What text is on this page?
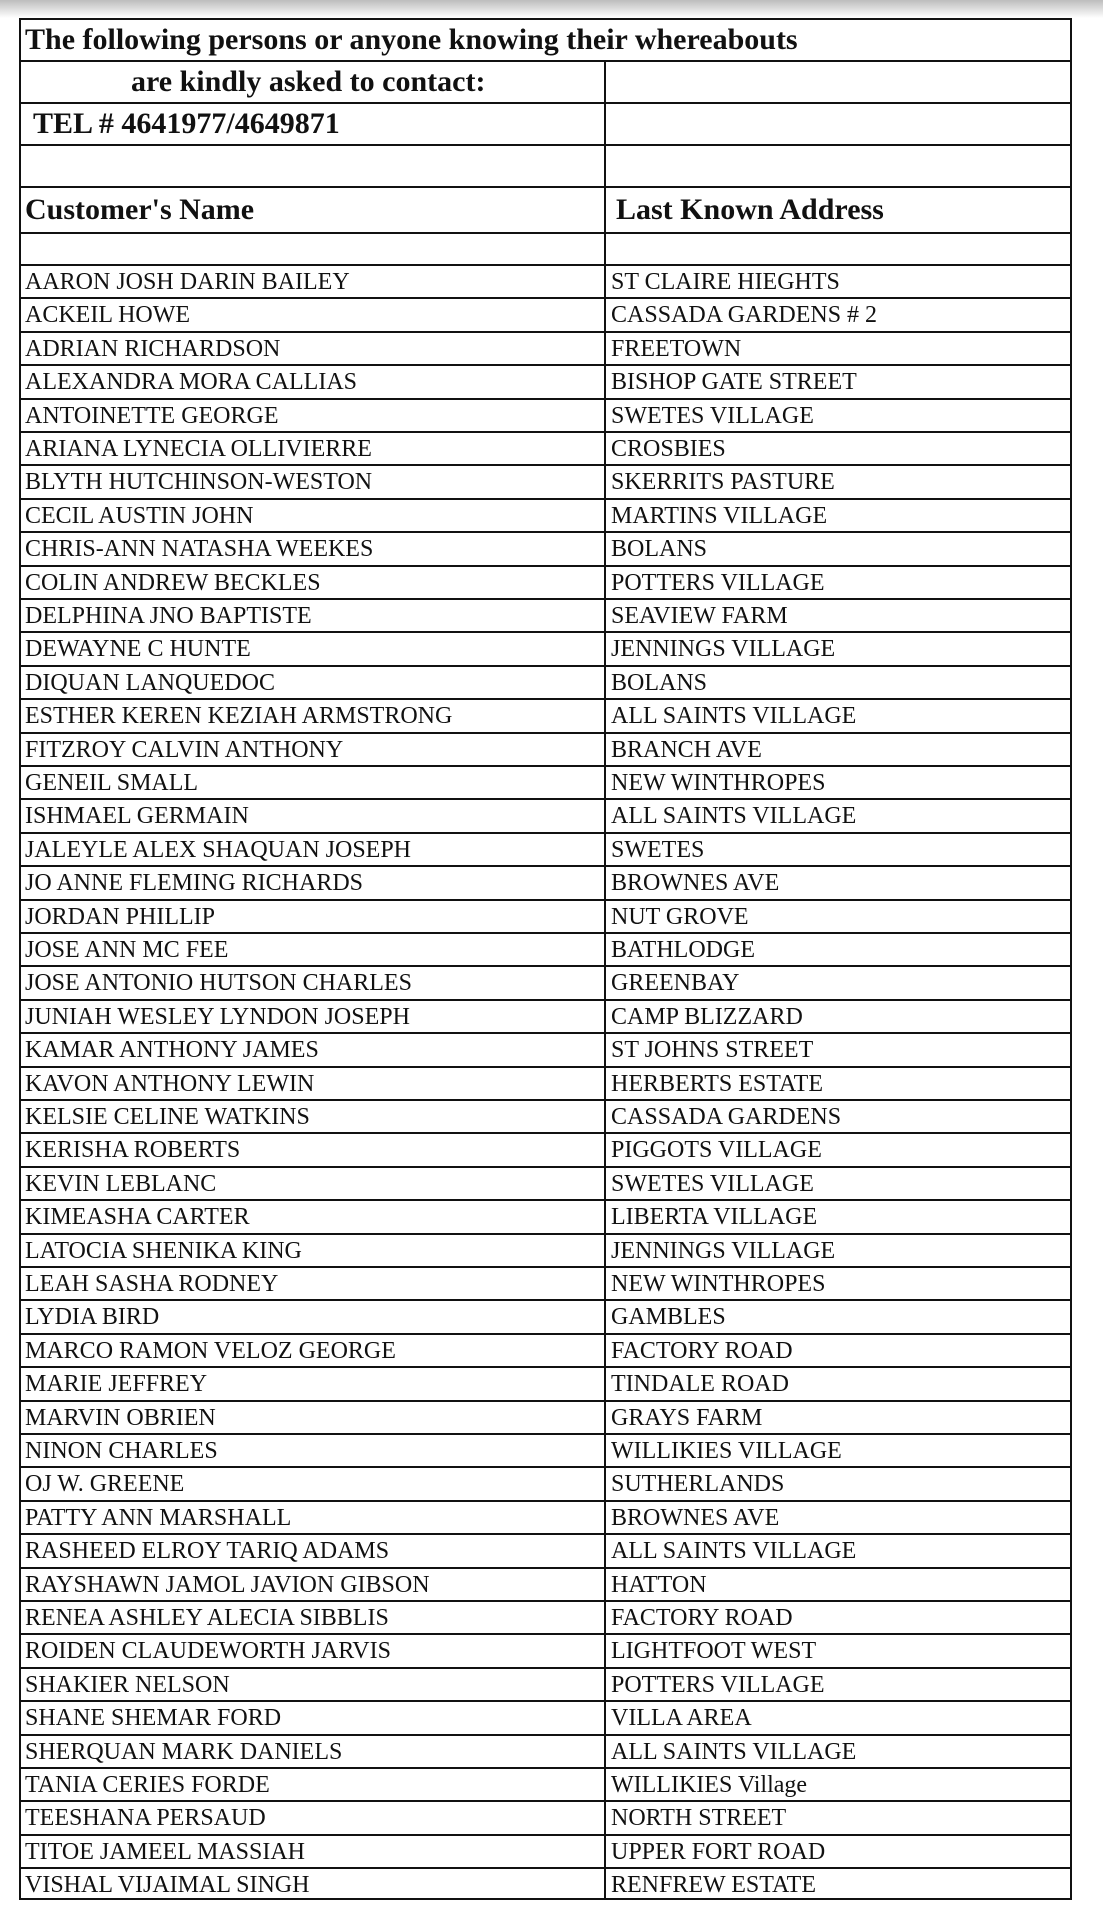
The following persons or anyone knowing their whereabouts
are kindly asked to contact:
TEL # 4641977/4649871
Customer's Name	Last Known Address
AARON JOSH DARIN BAILEY	ST CLAIRE HIEGHTS
ACKEIL HOWE	CASSADA GARDENS # 2
ADRIAN RICHARDSON	FREETOWN
ALEXANDRA MORA CALLIAS	BISHOP GATE STREET
ANTOINETTE GEORGE	SWETES VILLAGE
ARIANA LYNECIA OLLIVIERRE	CROSBIES
BLYTH HUTCHINSON-WESTON	SKERRITS PASTURE
CECIL AUSTIN JOHN	MARTINS VILLAGE
CHRIS-ANN NATASHA WEEKES	BOLANS
COLIN ANDREW BECKLES	POTTERS VILLAGE
DELPHINA JNO BAPTISTE	SEAVIEW FARM
DEWAYNE C HUNTE	JENNINGS VILLAGE
DIQUAN LANQUEDOC	BOLANS
ESTHER KEREN KEZIAH ARMSTRONG	ALL SAINTS VILLAGE
FITZROY CALVIN ANTHONY	BRANCH AVE
GENEIL SMALL	NEW WINTHROPES
ISHMAEL GERMAIN	ALL SAINTS VILLAGE
JALEYLE ALEX SHAQUAN JOSEPH	SWETES
JO ANNE FLEMING RICHARDS	BROWNES AVE
JORDAN PHILLIP	NUT GROVE
JOSE ANN MC FEE	BATHLODGE
JOSE ANTONIO HUTSON CHARLES	GREENBAY
JUNIAH WESLEY LYNDON JOSEPH	CAMP BLIZZARD
KAMAR ANTHONY JAMES	ST JOHNS STREET
KAVON ANTHONY LEWIN	HERBERTS ESTATE
KELSIE CELINE WATKINS	CASSADA GARDENS
KERISHA ROBERTS	PIGGOTS VILLAGE
KEVIN LEBLANC	SWETES VILLAGE
KIMEASHA CARTER	LIBERTA VILLAGE
LATOCIA SHENIKA KING	JENNINGS VILLAGE
LEAH SASHA RODNEY	NEW WINTHROPES
LYDIA BIRD	GAMBLES
MARCO RAMON VELOZ GEORGE	FACTORY ROAD
MARIE JEFFREY	TINDALE ROAD
MARVIN OBRIEN	GRAYS FARM
NINON CHARLES	WILLIKIES VILLAGE
OJ W. GREENE	SUTHERLANDS
PATTY ANN MARSHALL	BROWNES AVE
RASHEED ELROY TARIQ ADAMS	ALL SAINTS VILLAGE
RAYSHAWN JAMOL JAVION GIBSON	HATTON
RENEA ASHLEY ALECIA SIBBLIS	FACTORY ROAD
ROIDEN CLAUDEWORTH JARVIS	LIGHTFOOT WEST
SHAKIER NELSON	POTTERS VILLAGE
SHANE SHEMAR FORD	VILLA AREA
SHERQUAN MARK DANIELS	ALL SAINTS VILLAGE
TANIA CERIES FORDE	WILLIKIES Village
TEESHANA PERSAUD	NORTH STREET
TITOE JAMEEL MASSIAH	UPPER FORT ROAD
VISHAL VIJAIMAL SINGH	RENFREW ESTATE
